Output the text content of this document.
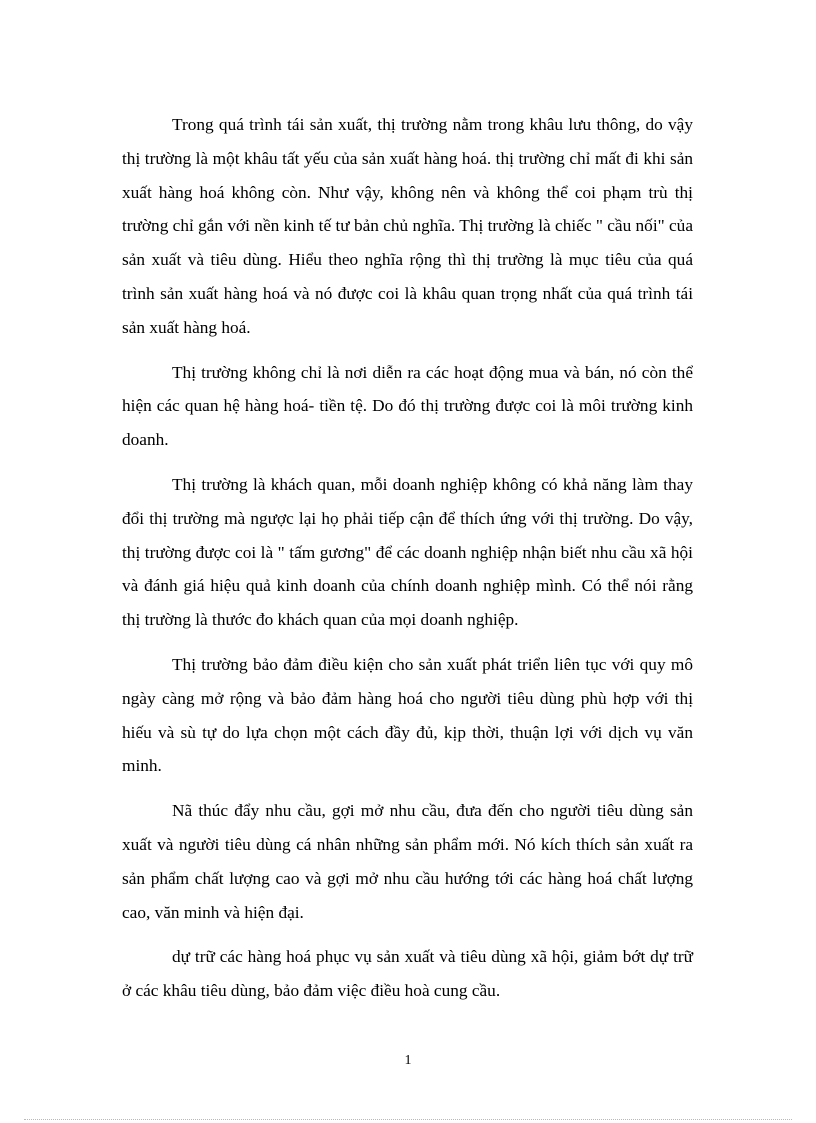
Trong quá trình tái sản xuất, thị trường nằm trong khâu lưu thông, do vậy thị trường là một khâu tất yếu của sản xuất hàng hoá. thị trường chỉ mất đi khi sản xuất hàng hoá không còn. Như vậy, không nên và không thể coi phạm trù thị trường chỉ gắn với nền kinh tế tư bản chủ nghĩa. Thị trường là chiếc " cầu nối" của sản xuất và tiêu dùng. Hiểu theo nghĩa rộng thì thị trường là mục tiêu của quá trình sản xuất hàng hoá và nó được coi là khâu quan trọng nhất của quá trình tái sản xuất hàng hoá.

Thị trường không chỉ là nơi diễn ra các hoạt động mua và bán, nó còn thể hiện các quan hệ hàng hoá- tiền tệ. Do đó thị trường được coi là môi trường kinh doanh.

Thị trường là khách quan, mỗi doanh nghiệp không có khả năng làm thay đổi thị trường mà ngược lại họ phải tiếp cận để thích ứng với thị trường. Do vậy, thị trường được coi là " tấm gương" để các doanh nghiệp nhận biết nhu cầu xã hội và đánh giá hiệu quả kinh doanh của chính doanh nghiệp mình. Có thể nói rằng thị trường là thước đo khách quan của mọi doanh nghiệp.

Thị trường bảo đảm điều kiện cho sản xuất phát triển liên tục với quy mô ngày càng mở rộng và bảo đảm hàng hoá cho người tiêu dùng phù hợp với thị hiếu và sù tự do lựa chọn một cách đầy đủ, kịp thời, thuận lợi với dịch vụ văn minh.

Nã thúc đẩy nhu cầu, gợi mở nhu cầu, đưa đến cho người tiêu dùng sản xuất và người tiêu dùng cá nhân những sản phẩm mới. Nó kích thích sản xuất ra sản phẩm chất lượng cao và gợi mở nhu cầu hướng tới các hàng hoá chất lượng cao, văn minh và hiện đại.

dự trữ các hàng hoá phục vụ sản xuất và tiêu dùng xã hội, giảm bớt dự trữ ở các khâu tiêu dùng, bảo đảm việc điều hoà cung cầu.

1
